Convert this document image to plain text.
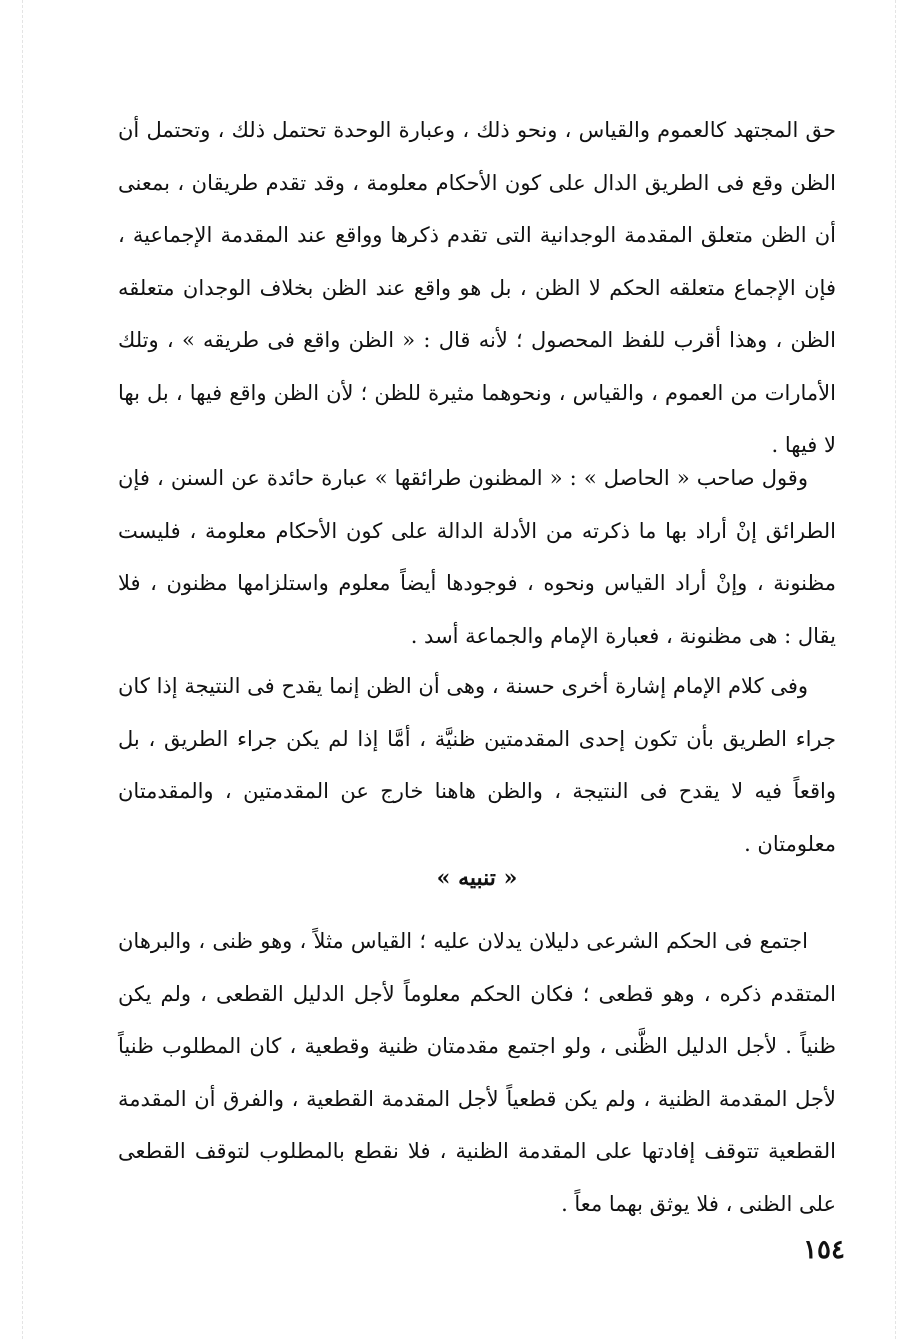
حق المجتهد كالعموم والقياس ، ونحو ذلك ، وعبارة الوحدة تحتمل ذلك ، وتحتمل أن الظن وقع فى الطريق الدال على كون الأحكام معلومة ، وقد تقدم طريقان ، بمعنى أن الظن متعلق المقدمة الوجدانية التى تقدم ذكرها وواقع عند المقدمة الإجماعية ، فإن الإجماع متعلقه الحكم لا الظن ، بل هو واقع عند الظن بخلاف الوجدان متعلقه الظن ، وهذا أقرب للفظ المحصول ؛ لأنه قال : « الظن واقع فى طريقه » ، وتلك الأمارات من العموم ، والقياس ، ونحوهما مثيرة للظن ؛ لأن الظن واقع فيها ، بل بها لا فيها .

وقول صاحب « الحاصل » : « المظنون طرائقها » عبارة حائدة عن السنن ، فإن الطرائق إنْ أراد بها ما ذكرته من الأدلة الدالة على كون الأحكام معلومة ، فليست مظنونة ، وإنْ أراد القياس ونحوه ، فوجودها أيضاً معلوم واستلزامها مظنون ، فلا يقال : هى مظنونة ، فعبارة الإمام والجماعة أسد .

وفى كلام الإمام إشارة أخرى حسنة ، وهى أن الظن إنما يقدح فى النتيجة إذا كان جراء الطريق بأن تكون إحدى المقدمتين ظنيَّة ، أمَّا إذا لم يكن جراء الطريق ، بل واقعاً فيه لا يقدح فى النتيجة ، والظن هاهنا خارج عن المقدمتين ، والمقدمتان معلومتان .

« تنبيه »

اجتمع فى الحكم الشرعى دليلان يدلان عليه ؛ القياس مثلاً ، وهو ظنى ، والبرهان المتقدم ذكره ، وهو قطعى ؛ فكان الحكم معلوماً لأجل الدليل القطعى ، ولم يكن ظنياً . لأجل الدليل الظَّنى ، ولو اجتمع مقدمتان ظنية وقطعية ، كان المطلوب ظنياً لأجل المقدمة الظنية ، ولم يكن قطعياً لأجل المقدمة القطعية ، والفرق أن المقدمة القطعية تتوقف إفادتها على المقدمة الظنية ، فلا نقطع بالمطلوب لتوقف القطعى على الظنى ، فلا يوثق بهما معاً .

١٥٤
